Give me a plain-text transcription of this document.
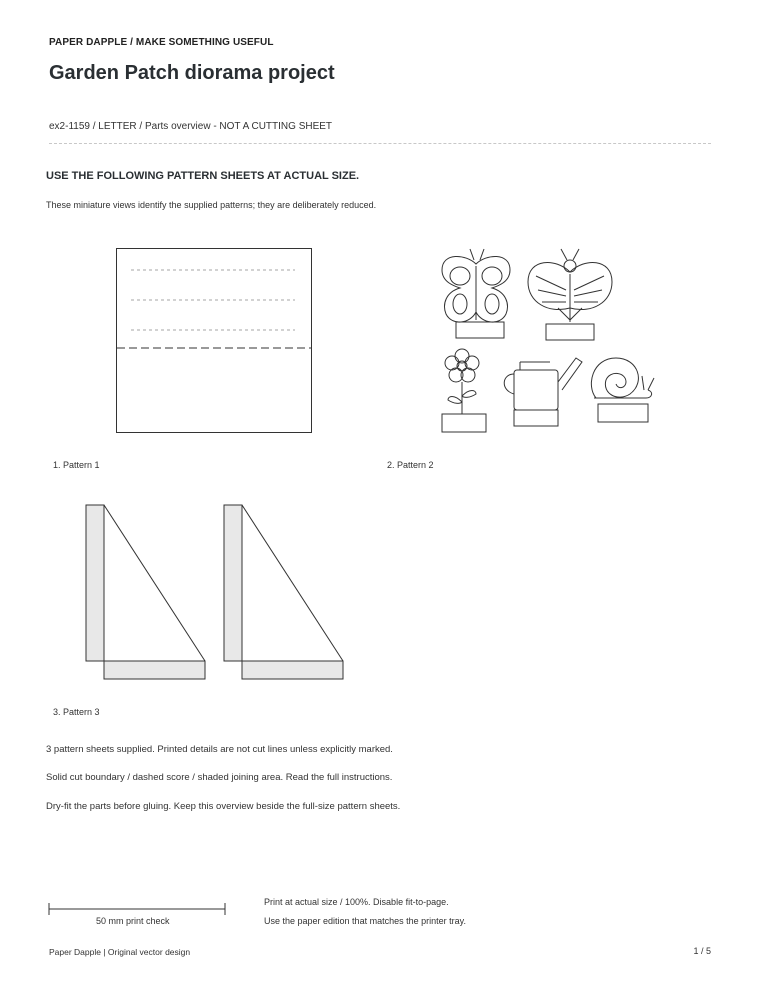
PAPER DAPPLE / MAKE SOMETHING USEFUL
Garden Patch diorama project
ex2-1159 / LETTER / Parts overview - NOT A CUTTING SHEET
USE THE FOLLOWING PATTERN SHEETS AT ACTUAL SIZE.
These miniature views identify the supplied patterns; they are deliberately reduced.
1. Pattern 1	2. Pattern 2
3. Pattern 3
3 pattern sheets supplied. Printed details are not cut lines unless explicitly marked.
Solid cut boundary / dashed score / shaded joining area. Read the full instructions.
Dry-fit the parts before gluing. Keep this overview beside the full-size pattern sheets.
50 mm print check
Print at actual size / 100%. Disable fit-to-page.
Use the paper edition that matches the printer tray.
Paper Dapple | Original vector design	1 / 5
